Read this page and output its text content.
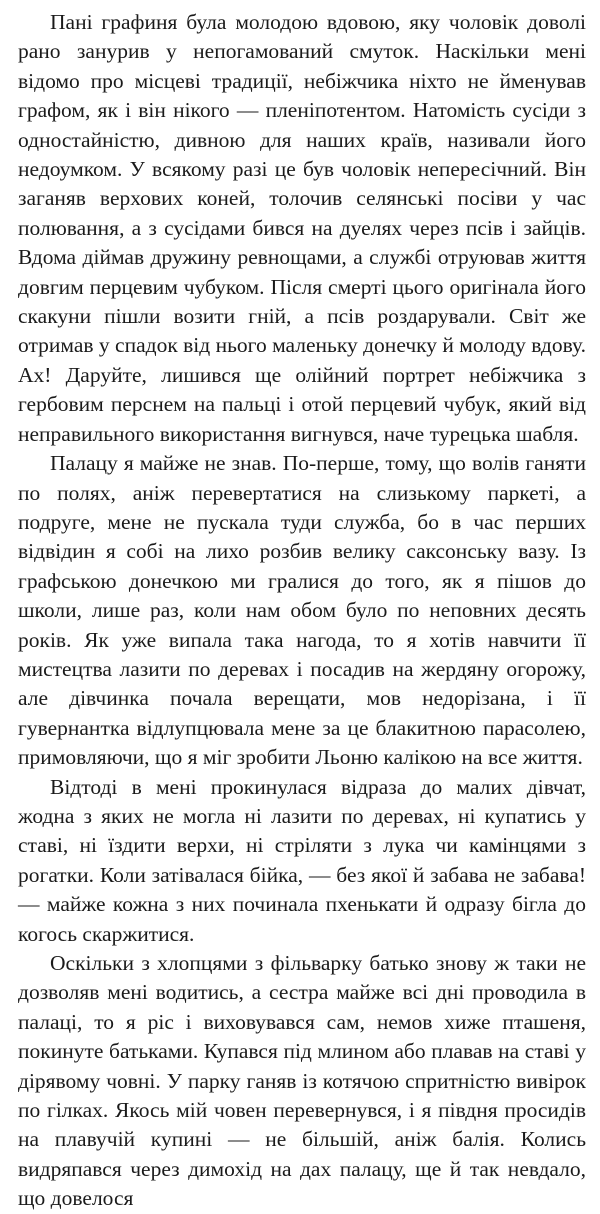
Пані графиня була молодою вдовою, яку чоловік доволі рано занурив у непогамований смуток. Наскільки мені відомо про місцеві традиції, небіжчика ніхто не йменував графом, як і він нікого — пленіпотентом. Натомість сусіди з одностайністю, дивною для наших країв, називали його недоумком. У всякому разі це був чоловік непересічний. Він заганяв верхових коней, толочив селянські посіви у час полювання, а з сусідами бився на дуелях через псів і зайців. Вдома діймав дружину ревнощами, а службі отруював життя довгим перцевим чубуком. Після смерті цього оригінала його скакуни пішли возити гній, а псів роздарували. Світ же отримав у спадок від нього маленьку донечку й молоду вдову. Ах! Даруйте, лишився ще олійний портрет небіжчика з гербовим перснем на пальці і отой перцевий чубук, який від неправильного використання вигнувся, наче турецька шабля.

Палацу я майже не знав. По-перше, тому, що волів ганяти по полях, аніж перевертатися на слизькому паркеті, а подруге, мене не пускала туди служба, бо в час перших відвідин я собі на лихо розбив велику саксонську вазу. Із графською донечкою ми гралися до того, як я пішов до школи, лише раз, коли нам обом було по неповних десять років. Як уже випала така нагода, то я хотів навчити її мистецтва лазити по деревах і посадив на жердяну огорожу, але дівчинка почала верещати, мов недорізана, і її гувернантка відлупцювала мене за це блакитною парасолею, примовляючи, що я міг зробити Льоню калікою на все життя.

Відтоді в мені прокинулася відраза до малих дівчат, жодна з яких не могла ні лазити по деревах, ні купатись у ставі, ні їздити верхи, ні стріляти з лука чи камінцями з рогатки. Коли затівалася бійка, — без якої й забава не забава! — майже кожна з них починала пхенькати й одразу бігла до когось скаржитися.

Оскільки з хлопцями з фільварку батько знову ж таки не дозволяв мені водитись, а сестра майже всі дні проводила в палаці, то я ріс і виховувався сам, немов хиже пташеня, покинуте батьками. Купався під млином або плавав на ставі у дірявому човні. У парку ганяв із котячою спритністю вивірок по гілках. Якось мій човен перевернувся, і я півдня просидів на плавучій купині — не більшій, аніж балія. Колись видряпався через димохід на дах палацу, ще й так невдало, що довелося
